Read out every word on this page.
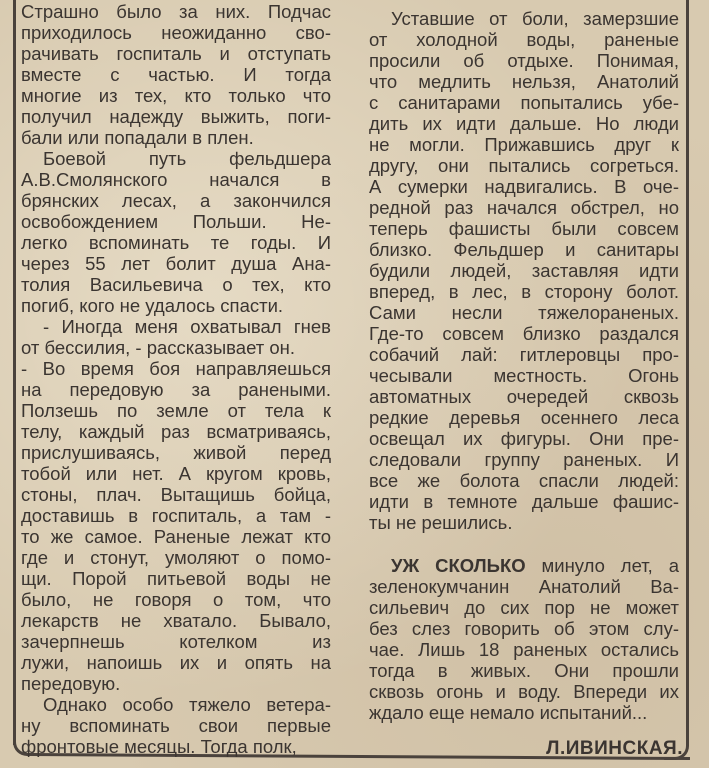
Страшно было за них. Подчас
приходилось неожиданно сво-
рачивать госпиталь и отступать
вместе с частью. И тогда
многие из тех, кто только что
получил надежду выжить, поги-
бали или попадали в плен.
Боевой путь фельдшера
А.В.Смолянского начался в
брянских лесах, а закончился
освобождением Польши. Не-
легко вспоминать те годы. И
через 55 лет болит душа Ана-
толия Васильевича о тех, кто
погиб, кого не удалось спасти.
- Иногда меня охватывал гнев
от бессилия, - рассказывает он.
- Во время боя направляешься
на передовую за ранеными.
Ползешь по земле от тела к
телу, каждый раз всматриваясь,
прислушиваясь, живой перед
тобой или нет. А кругом кровь,
стоны, плач. Вытащишь бойца,
доставишь в госпиталь, а там -
то же самое. Раненые лежат кто
где и стонут, умоляют о помо-
щи. Порой питьевой воды не
было, не говоря о том, что
лекарств не хватало. Бывало,
зачерпнешь котелком из
лужи, напоишь их и опять на
передовую.
Однако особо тяжело ветера-
ну вспоминать свои первые
фронтовые месяцы. Тогда полк,
Уставшие от боли, замерзшие
от холодной воды, раненые
просили об отдыхе. Понимая,
что медлить нельзя, Анатолий
с санитарами попытались убе-
дить их идти дальше. Но люди
не могли. Прижавшись друг к
другу, они пытались согреться.
А сумерки надвигались. В оче-
редной раз начался обстрел, но
теперь фашисты были совсем
близко. Фельдшер и санитары
будили людей, заставляя идти
вперед, в лес, в сторону болот.
Сами несли тяжелораненых.
Где-то совсем близко раздался
собачий лай: гитлеровцы про-
чесывали местность. Огонь
автоматных очередей сквозь
редкие деревья осеннего леса
освещал их фигуры. Они пре-
следовали группу раненых. И
все же болота спасли людей:
идти в темноте дальше фашис-
ты не решились.
УЖ СКОЛЬКО минуло лет, а
зеленокумчанин Анатолий Ва-
сильевич до сих пор не может
без слез говорить об этом слу-
чае. Лишь 18 раненых остались
тогда в живых. Они прошли
сквозь огонь и воду. Впереди их
ждало еще немало испытаний...
Л.ИВИНСКАЯ.
